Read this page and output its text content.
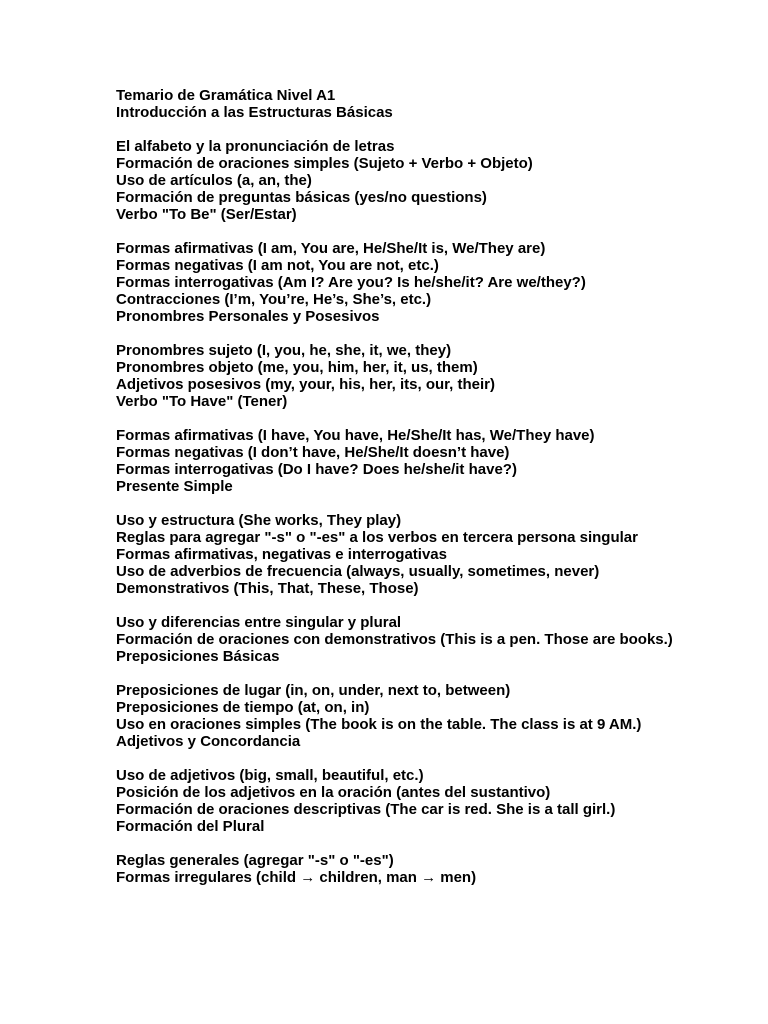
Temario de Gramática Nivel A1
Introducción a las Estructuras Básicas
El alfabeto y la pronunciación de letras
Formación de oraciones simples (Sujeto + Verbo + Objeto)
Uso de artículos (a, an, the)
Formación de preguntas básicas (yes/no questions)
Verbo "To Be" (Ser/Estar)
Formas afirmativas (I am, You are, He/She/It is, We/They are)
Formas negativas (I am not, You are not, etc.)
Formas interrogativas (Am I? Are you? Is he/she/it? Are we/they?)
Contracciones (I’m, You’re, He’s, She’s, etc.)
Pronombres Personales y Posesivos
Pronombres sujeto (I, you, he, she, it, we, they)
Pronombres objeto (me, you, him, her, it, us, them)
Adjetivos posesivos (my, your, his, her, its, our, their)
Verbo "To Have" (Tener)
Formas afirmativas (I have, You have, He/She/It has, We/They have)
Formas negativas (I don’t have, He/She/It doesn’t have)
Formas interrogativas (Do I have? Does he/she/it have?)
Presente Simple
Uso y estructura (She works, They play)
Reglas para agregar "-s" o "-es" a los verbos en tercera persona singular
Formas afirmativas, negativas e interrogativas
Uso de adverbios de frecuencia (always, usually, sometimes, never)
Demonstrativos (This, That, These, Those)
Uso y diferencias entre singular y plural
Formación de oraciones con demonstrativos (This is a pen. Those are books.)
Preposiciones Básicas
Preposiciones de lugar (in, on, under, next to, between)
Preposiciones de tiempo (at, on, in)
Uso en oraciones simples (The book is on the table. The class is at 9 AM.)
Adjetivos y Concordancia
Uso de adjetivos (big, small, beautiful, etc.)
Posición de los adjetivos en la oración (antes del sustantivo)
Formación de oraciones descriptivas (The car is red. She is a tall girl.)
Formación del Plural
Reglas generales (agregar "-s" o "-es")
Formas irregulares (child → children, man → men)
